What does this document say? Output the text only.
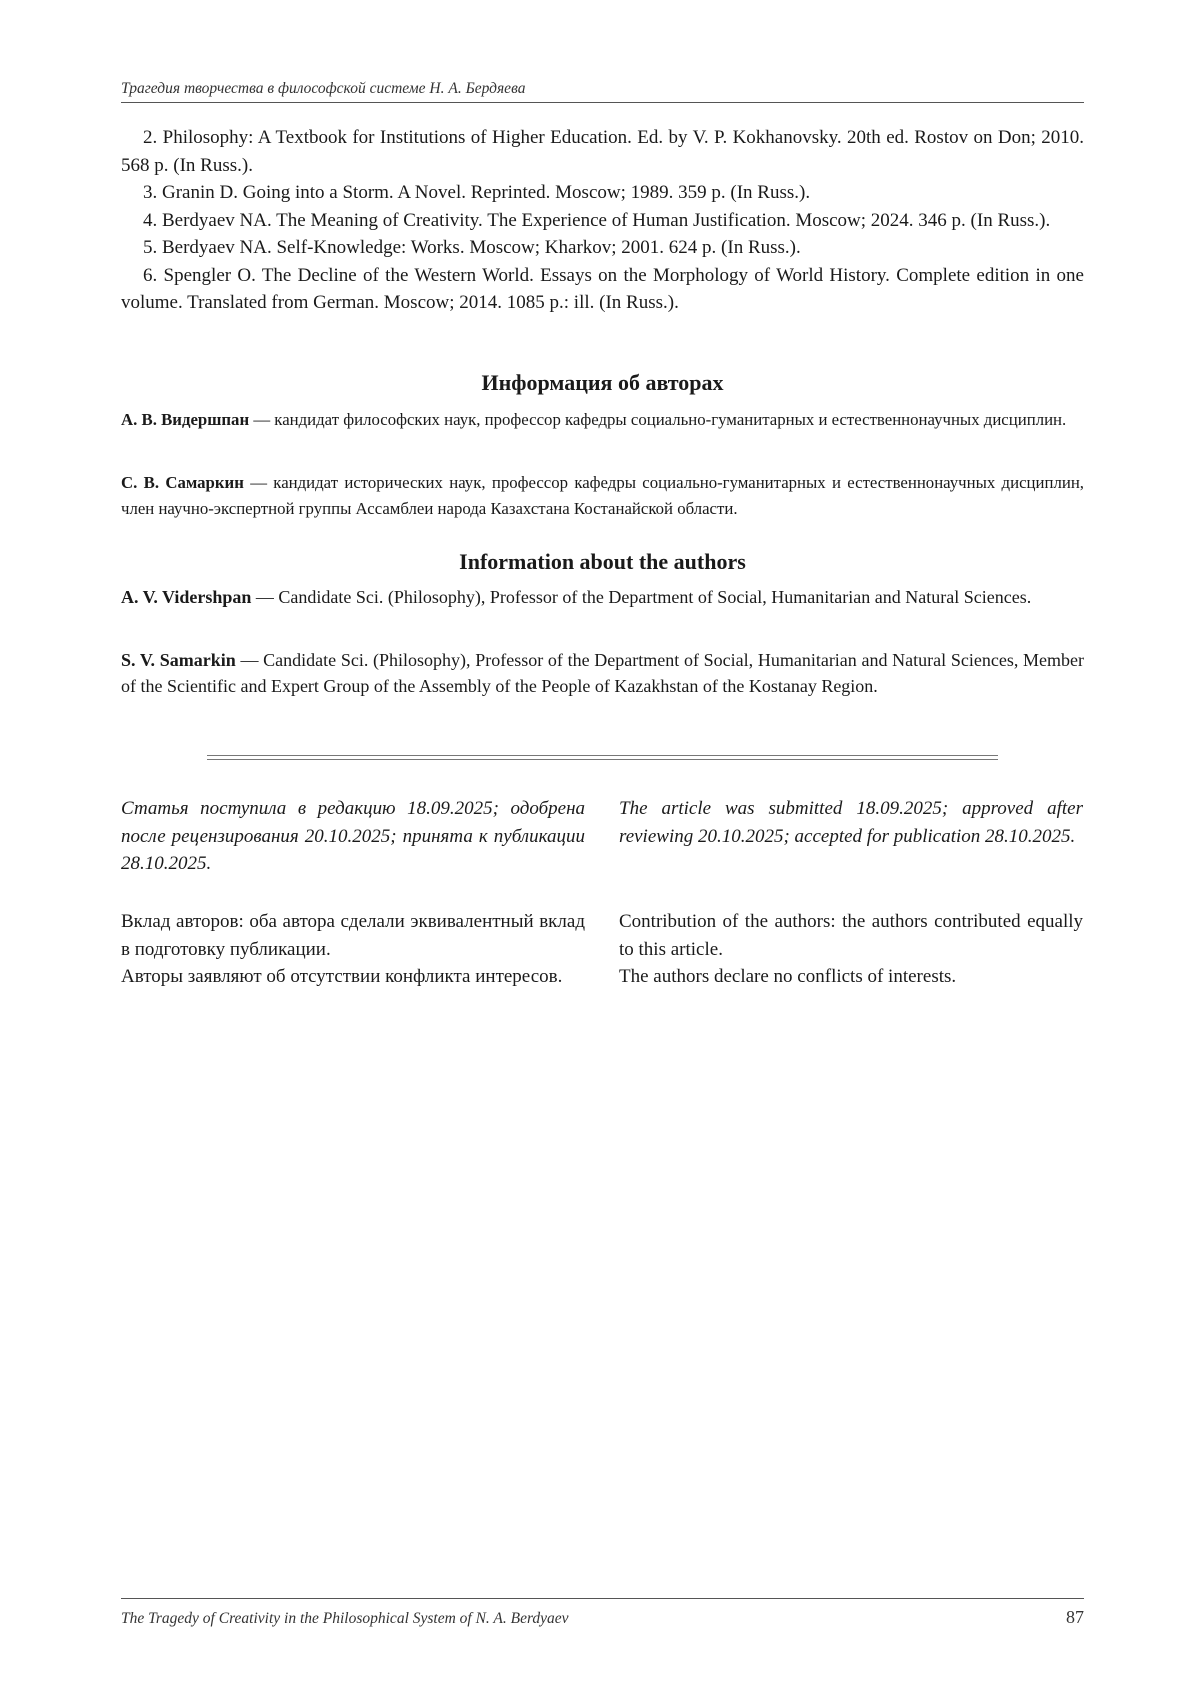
Трагедия творчества в философской системе Н. А. Бердяева

2. Philosophy: A Textbook for Institutions of Higher Education. Ed. by V. P. Kokhanovsky. 20th ed. Rostov on Don; 2010. 568 p. (In Russ.).

3. Granin D. Going into a Storm. A Novel. Reprinted. Moscow; 1989. 359 p. (In Russ.).

4. Berdyaev NA. The Meaning of Creativity. The Experience of Human Justification. Moscow; 2024. 346 p. (In Russ.).

5. Berdyaev NA. Self-Knowledge: Works. Moscow; Kharkov; 2001. 624 p. (In Russ.).

6. Spengler O. The Decline of the Western World. Essays on the Morphology of World History. Complete edition in one volume. Translated from German. Moscow; 2014. 1085 p.: ill. (In Russ.).

Информация об авторах

А. В. Видершпан — кандидат философских наук, профессор кафедры социально-гуманитарных и естественнонаучных дисциплин.

С. В. Самаркин — кандидат исторических наук, профессор кафедры социально-гуманитарных и естественнонаучных дисциплин, член научно-экспертной группы Ассамблеи народа Казахстана Костанайской области.

Information about the authors

A. V. Vidershpan — Candidate Sci. (Philosophy), Professor of the Department of Social, Humanitarian and Natural Sciences.

S. V. Samarkin — Candidate Sci. (Philosophy), Professor of the Department of Social, Humanitarian and Natural Sciences, Member of the Scientific and Expert Group of the Assembly of the People of Kazakhstan of the Kostanay Region.

Статья поступила в редакцию 18.09.2025; одобрена после рецензирования 20.10.2025; принята к публикации 28.10.2025.

The article was submitted 18.09.2025; approved after reviewing 20.10.2025; accepted for publication 28.10.2025.

Вклад авторов: оба автора сделали эквивалентный вклад в подготовку публикации.

Авторы заявляют об отсутствии конфликта интересов.

Contribution of the authors: the authors contributed equally to this article.

The authors declare no conflicts of interests.

The Tragedy of Creativity in the Philosophical System of N. A. Berdyaev	87
